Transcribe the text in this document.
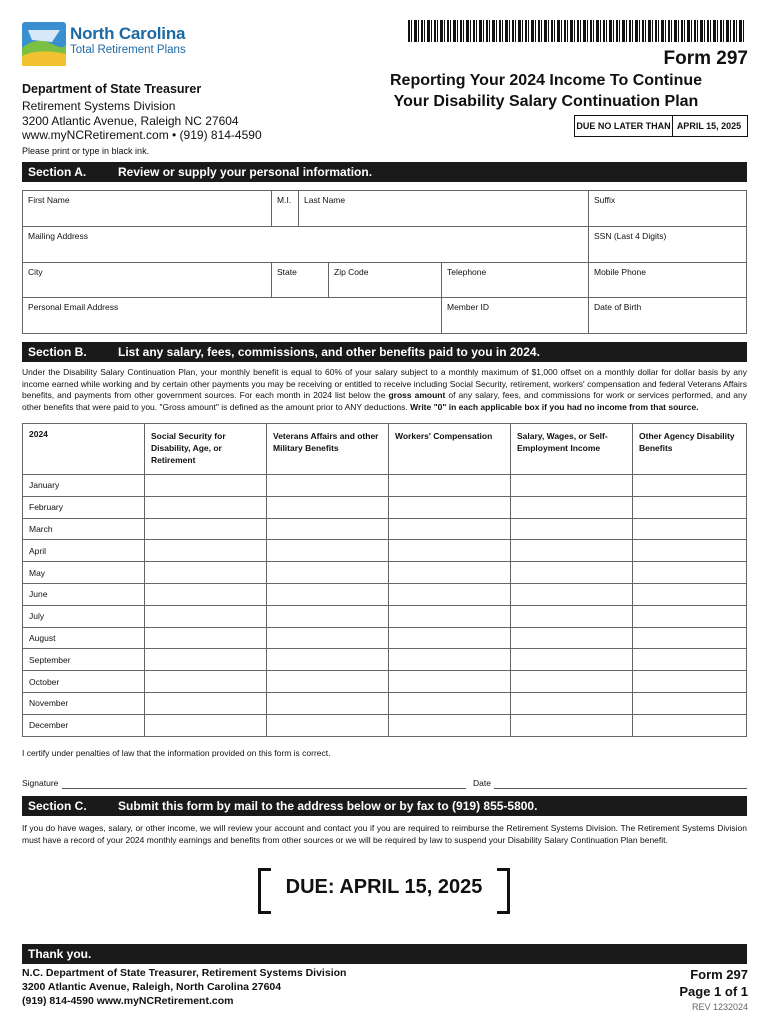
North Carolina
Total Retirement Plans	Form 297
Department of State Treasurer
Retirement Systems Division
3200 Atlantic Avenue, Raleigh NC 27604
www.myNCRetirement.com • (919) 814-4590
Reporting Your 2024 Income To Continue
Your Disability Salary Continuation Plan
DUE NO LATER THAN APRIL 15, 2025
Please print or type in black ink.
Section A.	Review or supply your personal information.
First Name	M.I.	Last Name	Suffix
Mailing Address	SSN (Last 4 Digits)
City	State	Zip Code	Telephone	Mobile Phone
Personal Email Address	Member ID	Date of Birth
Section B.	List any salary, fees, commissions, and other benefits paid to you in 2024.
Under the Disability Salary Continuation Plan, your monthly benefit is equal to 60% of your salary subject to a monthly maximum of $1,000 offset on a monthly dollar for dollar basis by any income earned while working and by certain other payments you may be receiving or entitled to receive including Social Security, retirement, workers' compensation and federal Veterans Affairs benefits, and payments from other government sources. For each month in 2024 list below the gross amount of any salary, fees, and commissions for work or services performed, and any other benefits that were paid to you. "Gross amount" is defined as the amount prior to ANY deductions. Write "0" in each applicable box if you had no income from that source.
2024	Social Security for Disability, Age, or Retirement	Veterans Affairs and other Military Benefits	Workers' Compensation	Salary, Wages, or Self-Employment Income	Other Agency Disability Benefits
January					
February					
March					
April					
May					
June					
July					
August					
September					
October					
November					
December					
I certify under penalties of law that the information provided on this form is correct.
Signature	Date
Section C.	Submit this form by mail to the address below or by fax to (919) 855-5800.
If you do have wages, salary, or other income, we will review your account and contact you if you are required to reimburse the Retirement Systems Division. The Retirement Systems Division must have a record of your 2024 monthly earnings and benefits from other sources or we will be required by law to suspend your Disability Salary Continuation Plan benefit.
DUE: APRIL 15, 2025
Thank you.
N.C. Department of State Treasurer, Retirement Systems Division
3200 Atlantic Avenue, Raleigh, North Carolina 27604
(919) 814-4590 www.myNCRetirement.com
Form 297
Page 1 of 1
REV 1232024
